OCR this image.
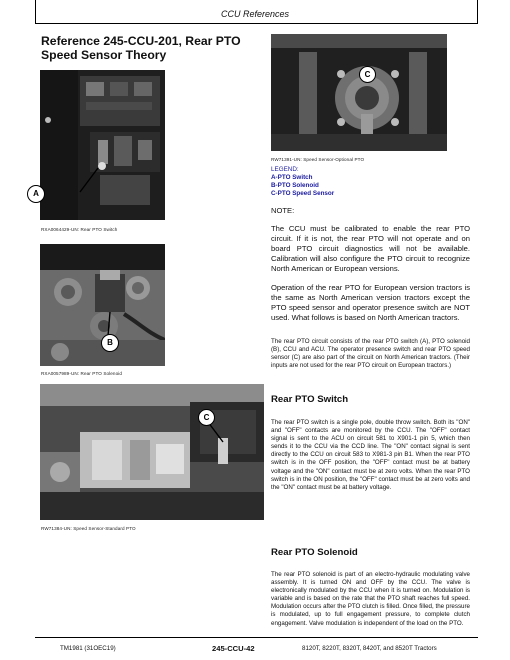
CCU References
Reference 245-CCU-201, Rear PTO Speed Sensor Theory
A
RXA0064429-UN: Rear PTO Switch
B
RXA0057989-UN: Rear PTO Solenoid
C
RW71384-UN: Speed Sensor-Standard PTO
C
RW71391-UN: Speed Sensor-Optional PTO
LEGEND:
A-PTO Switch
B-PTO Solenoid
C-PTO Speed Sensor
NOTE:
The CCU must be calibrated to enable the rear PTO circuit. If it is not, the rear PTO will not operate and on board PTO circuit diagnostics will not be available. Calibration will also configure the PTO circuit to recognize North American or European versions.
Operation of the rear PTO for European version tractors is the same as North American version tractors except the PTO speed sensor and operator presence switch are NOT used. What follows is based on North American tractors.
The rear PTO circuit consists of the rear PTO switch (A), PTO solenoid (B), CCU and ACU. The operator presence switch and rear PTO speed sensor (C) are also part of the circuit on North American tractors. (Their inputs are not used for the rear PTO circuit on European tractors.)
Rear PTO Switch
The rear PTO switch is a single pole, double throw switch. Both its "ON" and "OFF" contacts are monitored by the CCU. The "OFF" contact signal is sent to the ACU on circuit 581 to X901-1 pin 5, which then sends it to the CCU via the CCD line. The "ON" contact signal is sent directly to the CCU on circuit 583 to X981-3 pin B1. When the rear PTO switch is in the OFF position, the "OFF" contact must be at battery voltage and the "ON" contact must be at zero volts. When the rear PTO switch is in the ON position, the "OFF" contact must be at zero volts and the "ON" contact must be at battery voltage.
Rear PTO Solenoid
The rear PTO solenoid is part of an electro-hydraulic modulating valve assembly. It is turned ON and OFF by the CCU. The valve is electronically modulated by the CCU when it is turned on. Modulation is variable and is based on the rate that the PTO shaft reaches full speed. Modulation occurs after the PTO clutch is filled. Once filled, the pressure is modulated, up to full engagement pressure, to complete clutch engagement. Valve modulation is independent of the load on the PTO.
TM1981 (31OEC19)	245-CCU-42	8120T, 8220T, 8320T, 8420T, and 8520T Tractors
